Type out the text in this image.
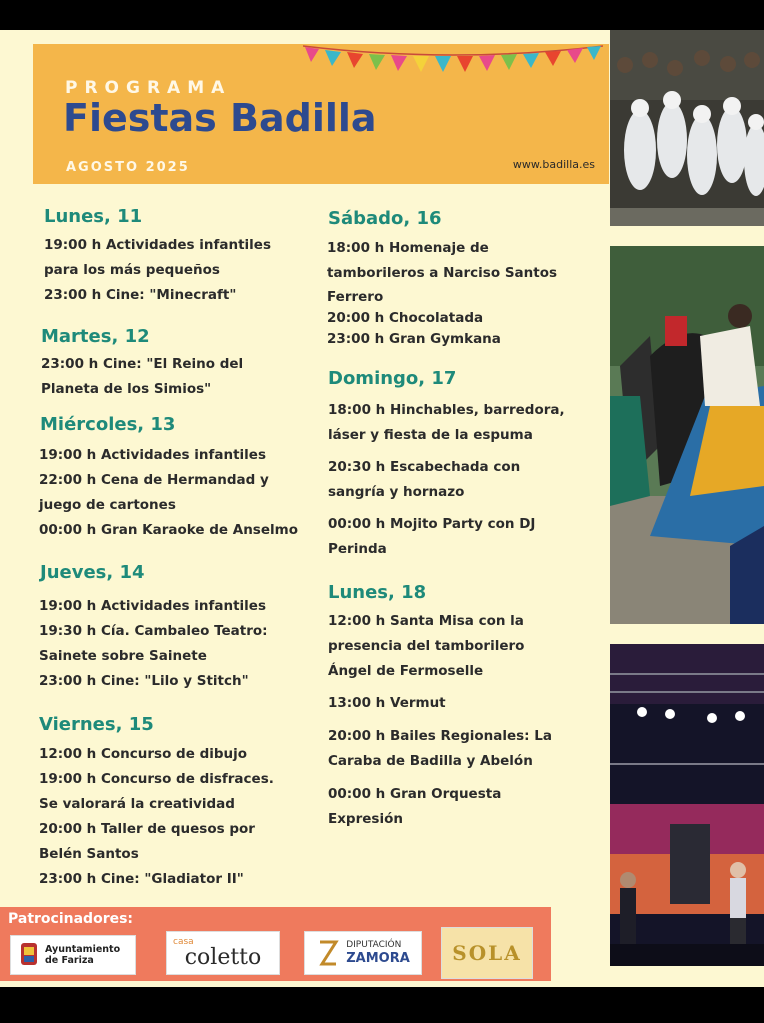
PROGRAMA
Fiestas Badilla
AGOSTO 2025	www.badilla.es
Lunes, 11
19:00 h Actividades infantiles
para los más pequeños
23:00 h Cine: "Minecraft"
Martes, 12
23:00 h Cine: "El Reino del
Planeta de los Simios"
Miércoles, 13
19:00 h Actividades infantiles
22:00 h Cena de Hermandad y
juego de cartones
00:00 h Gran Karaoke de Anselmo
Jueves, 14
19:00 h Actividades infantiles
19:30 h Cía. Cambaleo Teatro:
Sainete sobre Sainete
23:00 h Cine: "Lilo y Stitch"
Viernes, 15
12:00 h Concurso de dibujo
19:00 h Concurso de disfraces.
Se valorará la creatividad
20:00 h Taller de quesos por
Belén Santos
23:00 h Cine: "Gladiator II"
Sábado, 16
18:00 h Homenaje de
tamborileros a Narciso Santos
Ferrero
20:00 h Chocolatada
23:00 h Gran Gymkana
Domingo, 17
18:00 h Hinchables, barredora,
láser y fiesta de la espuma
20:30 h Escabechada con
sangría y hornazo
00:00 h Mojito Party con DJ
Perinda
Lunes, 18
12:00 h Santa Misa con la
presencia del tamborilero
Ángel de Fermoselle
13:00 h Vermut
20:00 h Bailes Regionales: La
Caraba de Badilla y Abelón
00:00 h Gran Orquesta
Expresión
Patrocinadores:
Ayuntamiento de Fariza
casa
coletto	DIPUTACIÓN
ZAMORA SOLA
